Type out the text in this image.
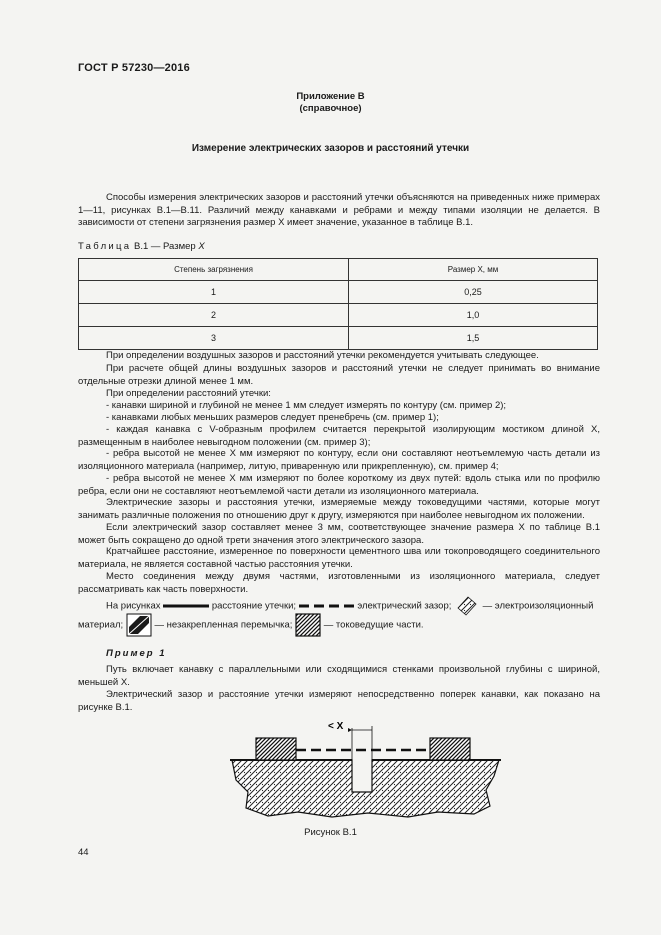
ГОСТ Р 57230—2016
Приложение В
(справочное)
Измерение электрических зазоров и расстояний утечки

Способы измерения электрических зазоров и расстояний утечки объясняются на приведенных ниже примерах 1—11, рисунках В.1—В.11. Различий между канавками и ребрами и между типами изоляции не делается. В зависимости от степени загрязнения размер X имеет значение, указанное в таблице В.1.

Таблица В.1 — Размер X
Степень загрязнения	Размер X, мм
1	0,25
2	1,0
3	1,5

При определении воздушных зазоров и расстояний утечки рекомендуется учитывать следующее.

При расчете общей длины воздушных зазоров и расстояний утечки не следует принимать во внимание отдельные отрезки длиной менее 1 мм.

При определении расстояний утечки:

- канавки шириной и глубиной не менее 1 мм следует измерять по контуру (см. пример 2);

- канавками любых меньших размеров следует пренебречь (см. пример 1);

- каждая канавка с V-образным профилем считается перекрытой изолирующим мостиком длиной X, размещенным в наиболее невыгодном положении (см. пример 3);

- ребра высотой не менее X мм измеряют по контуру, если они составляют неотъемлемую часть детали из изоляционного материала (например, литую, приваренную или прикрепленную), см. пример 4;

- ребра высотой не менее X мм измеряют по более короткому из двух путей: вдоль стыка или по профилю ребра, если они не составляют неотъемлемой части детали из изоляционного материала.

Электрические зазоры и расстояния утечки, измеряемые между токоведущими частями, которые могут занимать различные положения по отношению друг к другу, измеряются при наиболее невыгодном их положении.

Если электрический зазор составляет менее 3 мм, соответствующее значение размера X по таблице В.1 может быть сокращено до одной трети значения этого электрического зазора.

Кратчайшее расстояние, измеренное по поверхности цементного шва или токопроводящего соединительного материала, не является составной частью расстояния утечки.

Место соединения между двумя частями, изготовленными из изоляционного материала, следует рассматривать как часть поверхности.

На рисунках	расстояние утечки;	электрический зазор;	— электроизоляционный
материал;	— незакрепленная перемычка;	— токоведущие части.
Пример 1

Путь включает канавку с параллельными или сходящимися стенками произвольной глубины с шириной, меньшей X.

Электрический зазор и расстояние утечки измеряют непосредственно поперек канавки, как показано на рисунке В.1.

< X
Рисунок В.1
44
